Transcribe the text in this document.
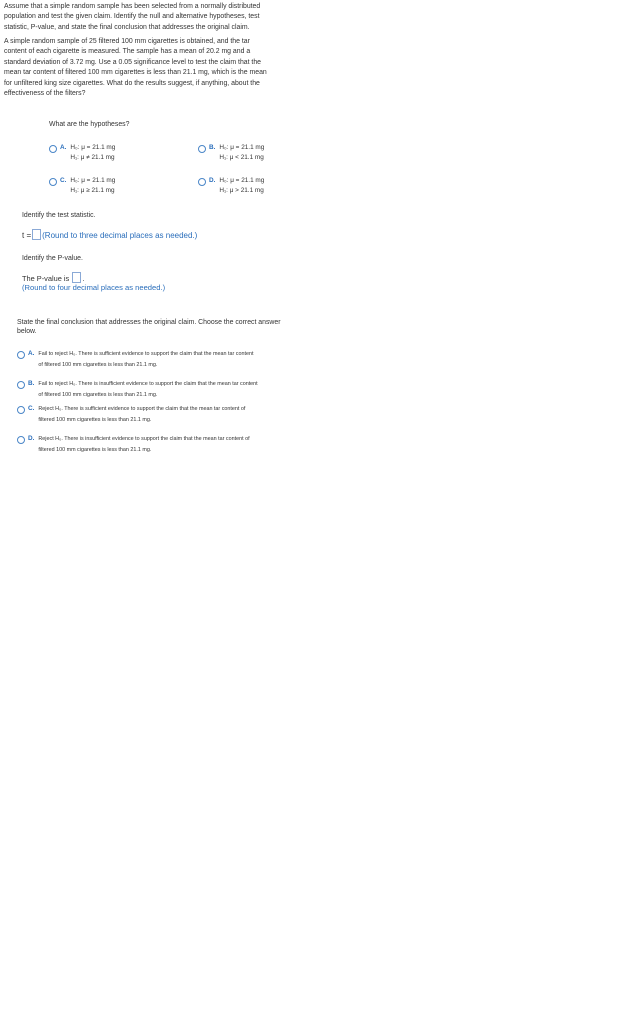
Assume that a simple random sample has been selected from a normally distributed
population and test the given claim. Identify the null and alternative hypotheses, test
statistic, P-value, and state the final conclusion that addresses the original claim.
A simple random sample of 25 filtered 100 mm cigarettes is obtained, and the tar
content of each cigarette is measured. The sample has a mean of 20.2 mg and a
standard deviation of 3.72 mg. Use a 0.05 significance level to test the claim that the
mean tar content of filtered 100 mm cigarettes is less than 21.1 mg, which is the mean
for unfiltered king size cigarettes. What do the results suggest, if anything, about the
effectiveness of the filters?
What are the hypotheses?
A. H₀: μ = 21.1 mg
H₁: μ ≠ 21.1 mg
B. H₀: μ = 21.1 mg
H₁: μ < 21.1 mg
C. H₀: μ = 21.1 mg
H₁: μ ≥ 21.1 mg
D. H₀: μ = 21.1 mg
H₁: μ > 21.1 mg
Identify the test statistic.
t = (Round to three decimal places as needed.)
Identify the P-value.
The P-value is .
(Round to four decimal places as needed.)
State the final conclusion that addresses the original claim. Choose the correct answer
below.
A. Fail to reject H₀. There is sufficient evidence to support the claim that the mean tar content
of filtered 100 mm cigarettes is less than 21.1 mg.
B. Fail to reject H₀. There is insufficient evidence to support the claim that the mean tar content
of filtered 100 mm cigarettes is less than 21.1 mg.
C. Reject H₀. There is sufficient evidence to support the claim that the mean tar content of
filtered 100 mm cigarettes is less than 21.1 mg.
D. Reject H₀. There is insufficient evidence to support the claim that the mean tar content of
filtered 100 mm cigarettes is less than 21.1 mg.
